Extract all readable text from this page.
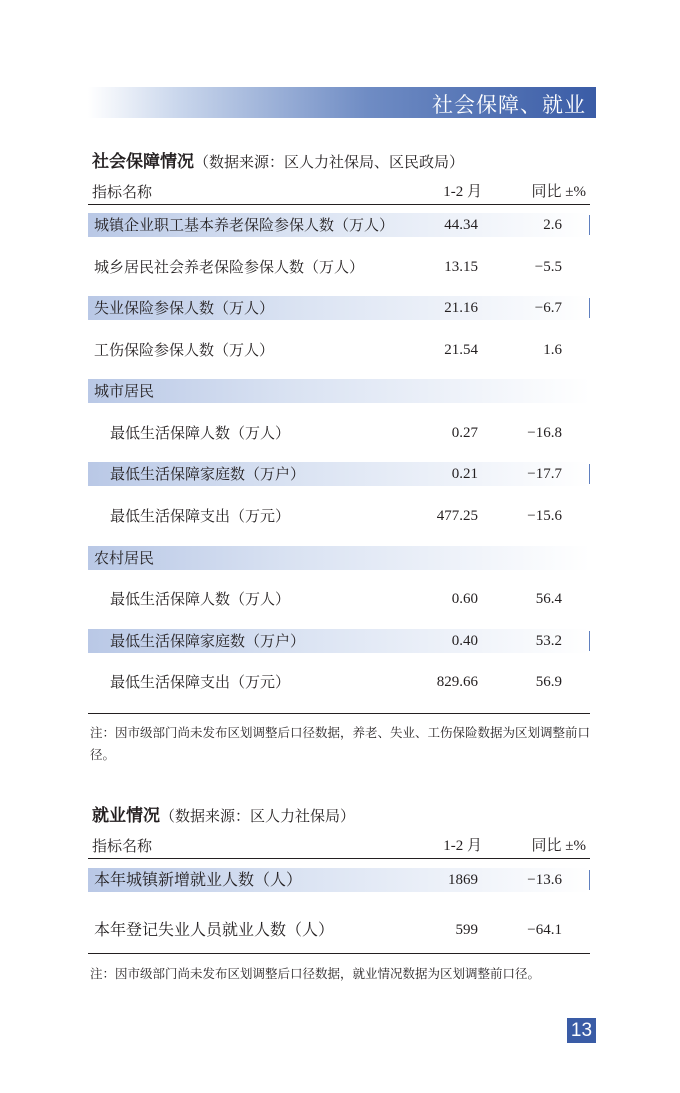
社会保障、就业
社会保障情况（数据来源：区人力社保局、区民政局）
指标名称	1-2 月	同比 ±%
城镇企业职工基本养老保险参保人数（万人）	44.34	2.6
城乡居民社会养老保险参保人数（万人）	13.15	−5.5
失业保险参保人数（万人）	21.16	−6.7
工伤保险参保人数（万人）	21.54	1.6
城市居民
最低生活保障人数（万人）	0.27	−16.8
最低生活保障家庭数（万户）	0.21	−17.7
最低生活保障支出（万元）	477.25	−15.6
农村居民
最低生活保障人数（万人）	0.60	56.4
最低生活保障家庭数（万户）	0.40	53.2
最低生活保障支出（万元）	829.66	56.9
注：因市级部门尚未发布区划调整后口径数据，养老、失业、工伤保险数据为区划调整前口径。
就业情况（数据来源：区人力社保局）
指标名称	1-2 月	同比 ±%
本年城镇新增就业人数（人）	1869	−13.6
本年登记失业人员就业人数（人）	599	−64.1
注：因市级部门尚未发布区划调整后口径数据，就业情况数据为区划调整前口径。
13
